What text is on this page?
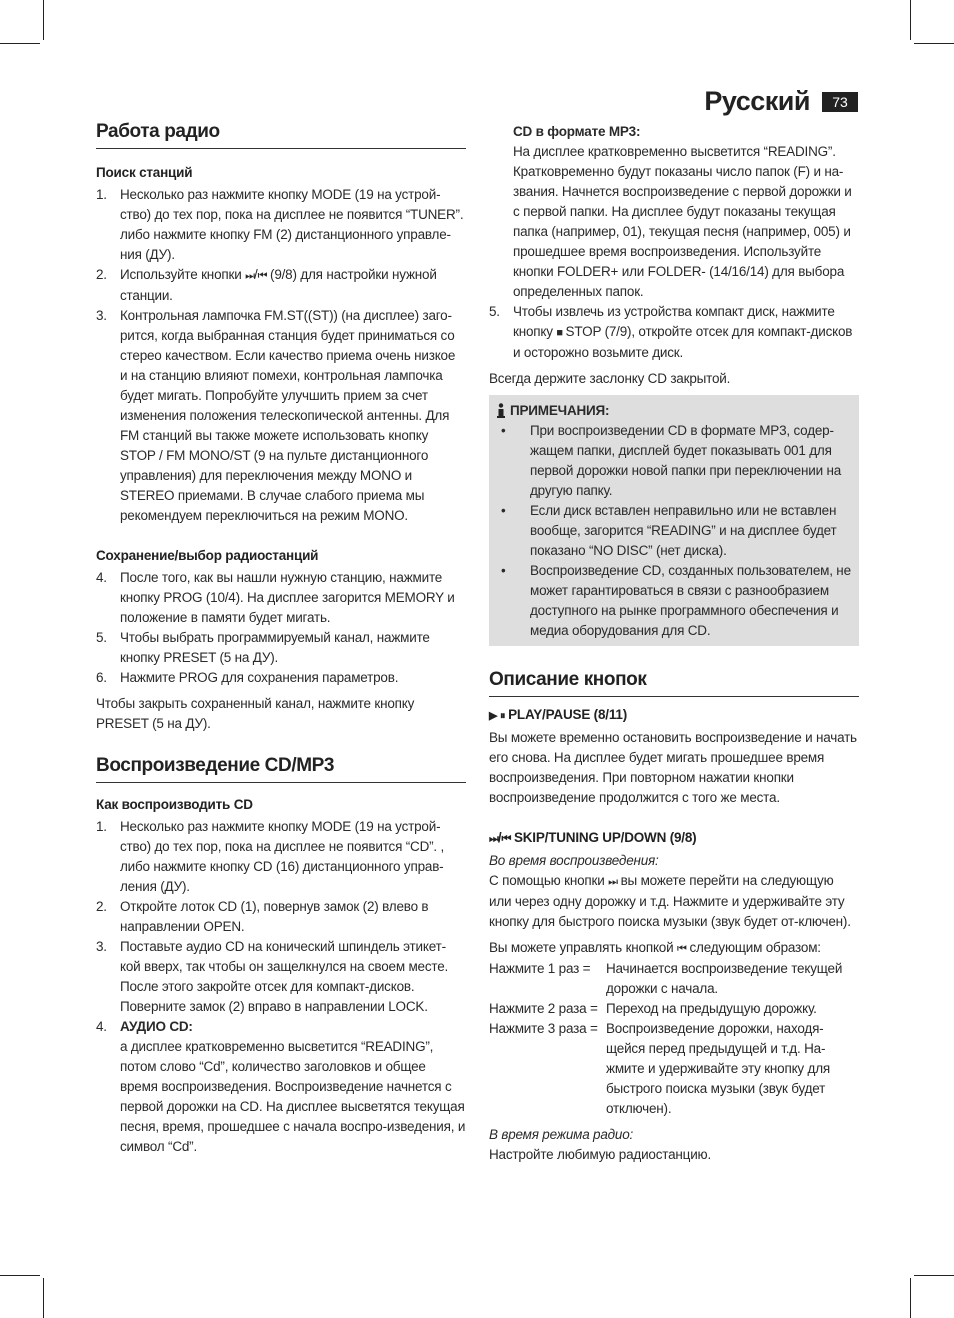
Русский	73
Работа радио
Поиск станций
1. Несколько раз нажмите кнопку MODE (19 на устрой-ство) до тех пор, пока на дисплее не появится “TUNER”. либо нажмите кнопку FM (2) дистанционного управле-ния (ДУ).
2. Используйте кнопки ⏭/⏮ (9/8) для настройки нужной станции.
3. Контрольная лампочка FM.ST((ST)) (на дисплее) заго-рится, когда выбранная станция будет приниматься со стерео качеством. Если качество приема очень низкое и на станцию влияют помехи, контрольная лампочка будет мигать. Попробуйте улучшить прием за счет изменения положения телескопической антенны. Для FM станций вы также можете использовать кнопку STOP / FM MONO/ST (9 на пульте дистанционного управления) для переключения между MONO и STEREO приемами. В случае слабого приема мы рекомендуем переключиться на режим MONO.
Сохранение/выбор радиостанций
4. После того, как вы нашли нужную станцию, нажмите кнопку PROG (10/4). На дисплее загорится MEMORY и положение в памяти будет мигать.
5. Чтобы выбрать программируемый канал, нажмите кнопку PRESET (5 на ДУ).
6. Нажмите PROG для сохранения параметров.

Чтобы закрыть сохраненный канал, нажмите кнопку PRESET (5 на ДУ).

Воспроизведение CD/MP3
Как воспроизводить CD
1. Несколько раз нажмите кнопку MODE (19 на устрой-ство) до тех пор, пока на дисплее не появится “CD”. , либо нажмите кнопку CD (16) дистанционного управ-ления (ДУ).
2. Откройте лоток CD (1), повернув замок (2) влево в направлении OPEN.
3. Поставьте аудио CD на конический шпиндель этикет-кой вверх, так чтобы он защелкнулся на своем месте. После этого закройте отсек для компакт-дисков. Поверните замок (2) вправо в направлении LOCK.
4. АУДИО CD:
а дисплее кратковременно высветится “READING”, потом слово “Cd”, количество заголовков и общее время воспроизведения. Воспроизведение начнется с первой дорожки на CD. На дисплее высветятся текущая песня, время, прошедшее с начала воспро-изведения, и символ “Cd”.

CD в формате MP3:

На дисплее кратковременно высветится “READING”. Кратковременно будут показаны число папок (F) и на-звания. Начнется воспроизведение с первой дорожки и с первой папки. На дисплее будут показаны текущая папка (например, 01), текущая песня (например, 005) и прошедшее время воспроизведения. Используйте кнопки FOLDER+ или FOLDER- (14/16/14) для выбора определенных папок.

5. Чтобы извлечь из устройства компакт диск, нажмите кнопку ■ STOP (7/9), откройте отсек для компакт-дисков и осторожно возьмите диск.

Всегда держите заслонку CD закрытой.

ПРИМЕЧАНИЯ:
•	При воспроизведении CD в формате MP3, содер-жащем папки, дисплей будет показывать 001 для первой дорожки новой папки при переключении на другую папку.
•	Если диск вставлен неправильно или не вставлен вообще, загорится “READING” и на дисплее будет показано “NO DISC” (нет диска).
•	Воспроизведение CD, созданных пользователем, не может гарантироваться в связи с разнообразием доступного на рынке программного обеспечения и медиа оборудования для CD.
Описание кнопок
▶ ⏸ PLAY/PAUSE (8/11)

Вы можете временно остановить воспроизведение и начать его снова. На дисплее будет мигать прошедшее время воспроизведения. При повторном нажатии кнопки воспроизведение продолжится с того же места.

⏭/⏮ SKIP/TUNING UP/DOWN (9/8)

Во время воспроизведения:

С помощью кнопки ⏭ вы можете перейти на следующую или через одну дорожку и т.д. Нажмите и удерживайте эту кнопку для быстрого поиска музыки (звук будет от-ключен).

Вы можете управлять кнопкой ⏮ следующим образом:

Нажмите 1 раз =	Начинается воспроизведение текущей дорожки с начала.
Нажмите 2 раза = Переход на предыдущую дорожку.
Нажмите 3 раза = Воспроизведение дорожки, находя-щейся перед предыдущей и т.д. На-жмите и удерживайте эту кнопку для быстрого поиска музыки (звук будет отключен).

В время режима радио:

Настройте любимую радиостанцию.
